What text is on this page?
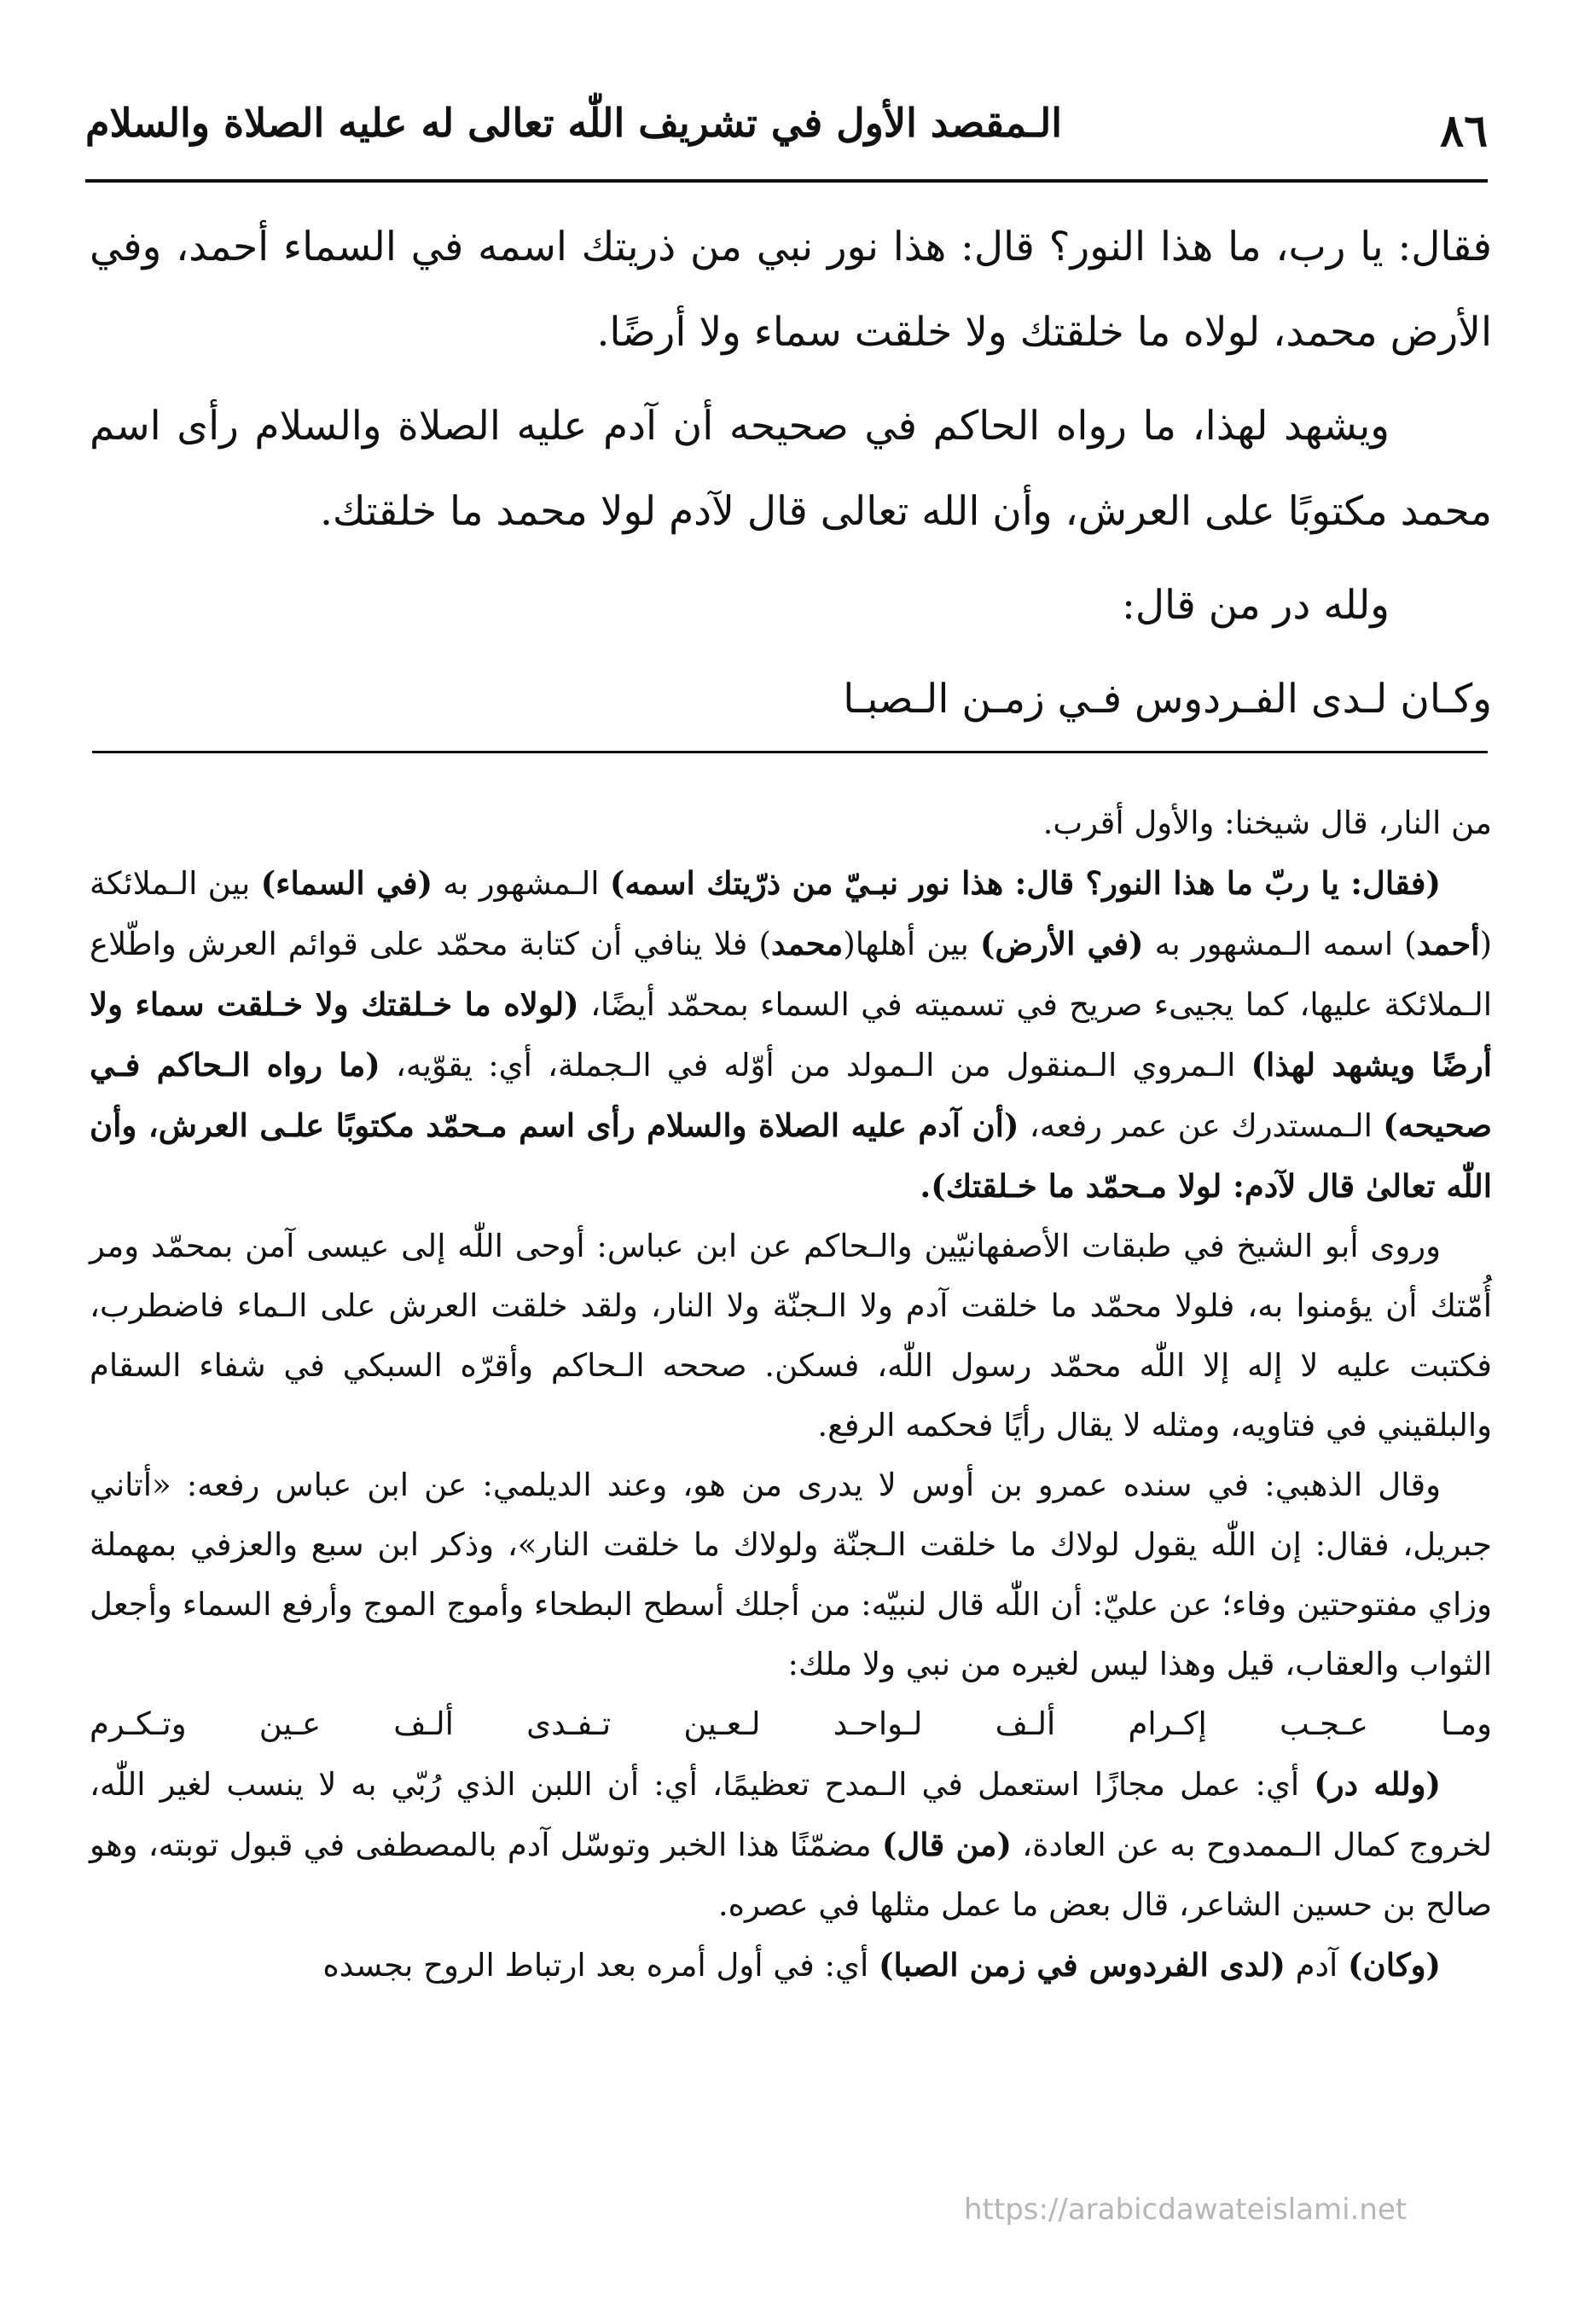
٨٦
الـمقصد الأول في تشريف اللّٰه تعالى له عليه الصلاة والسلام

فقال: يا رب، ما هذا النور؟ قال: هذا نور نبي من ذريتك اسمه في السماء أحمد، وفي الأرض محمد، لولاه ما خلقتك ولا خلقت سماء ولا أرضًا.

ويشهد لهذا، ما رواه الحاكم في صحيحه أن آدم عليه الصلاة والسلام رأى اسم محمد مكتوبًا على العرش، وأن الله تعالى قال لآدم لولا محمد ما خلقتك.

ولله در من قال:

وكـان لـدى الفـردوس فـي زمـن الـصبـا

من النار، قال شيخنا: والأول أقرب.

(فقال: يا ربّ ما هذا النور؟ قال: هذا نور نبـيّ من ذرّيتك اسمه) الـمشهور به (في السماء) بين الـملائكة (أحمد) اسمه الـمشهور به (في الأرض) بين أهلها(محمد) فلا ينافي أن كتابة محمّد على قوائم العرش واطّلاع الـملائكة عليها، كما يجيىء صريح في تسميته في السماء بمحمّد أيضًا، (لولاه ما خـلقتك ولا خـلقت سماء ولا أرضًا ويشهد لهذا) الـمروي الـمنقول من الـمولد من أوّله في الـجملة، أي: يقوّيه، (ما رواه الـحاكم فـي صحيحه) الـمستدرك عن عمر رفعه، (أن آدم عليه الصلاة والسلام رأى اسم مـحمّد مكتوبًا علـى العرش، وأن اللّٰه تعالىٰ قال لآدم: لولا مـحمّد ما خـلقتك).

وروى أبو الشيخ في طبقات الأصفهانيّين والـحاكم عن ابن عباس: أوحى اللّٰه إلى عيسى آمن بمحمّد ومر أُمّتك أن يؤمنوا به، فلولا محمّد ما خلقت آدم ولا الـجنّة ولا النار، ولقد خلقت العرش على الـماء فاضطرب، فكتبت عليه لا إله إلا اللّٰه محمّد رسول اللّٰه، فسكن. صححه الـحاكم وأقرّه السبكي في شفاء السقام والبلقيني في فتاويه، ومثله لا يقال رأيًا فحكمه الرفع.

وقال الذهبي: في سنده عمرو بن أوس لا يدرى من هو، وعند الديلمي: عن ابن عباس رفعه: «أتاني جبريل، فقال: إن اللّٰه يقول لولاك ما خلقت الـجنّة ولولاك ما خلقت النار»، وذكر ابن سبع والعزفي بمهملة وزاي مفتوحتين وفاء؛ عن عليّ: أن اللّٰه قال لنبيّه: من أجلك أسطح البطحاء وأموج الموج وأرفع السماء وأجعل الثواب والعقاب، قيل وهذا ليس لغيره من نبي ولا ملك:

ومـا عـجـب إكـرام ألـف لـواحـد لـعـين تـفـدى ألـف عـين وتـكـرم

(ولله در) أي: عمل مجازًا استعمل في الـمدح تعظيمًا، أي: أن اللبن الذي رُبّي به لا ينسب لغير اللّٰه، لخروج كمال الـممدوح به عن العادة، (من قال) مضمّنًا هذا الخبر وتوسّل آدم بالمصطفى في قبول توبته، وهو صالح بن حسين الشاعر، قال بعض ما عمل مثلها في عصره.

(وكان) آدم (لدى الفردوس في زمن الصبا) أي: في أول أمره بعد ارتباط الروح بجسده

https://arabicdawateislami.net
